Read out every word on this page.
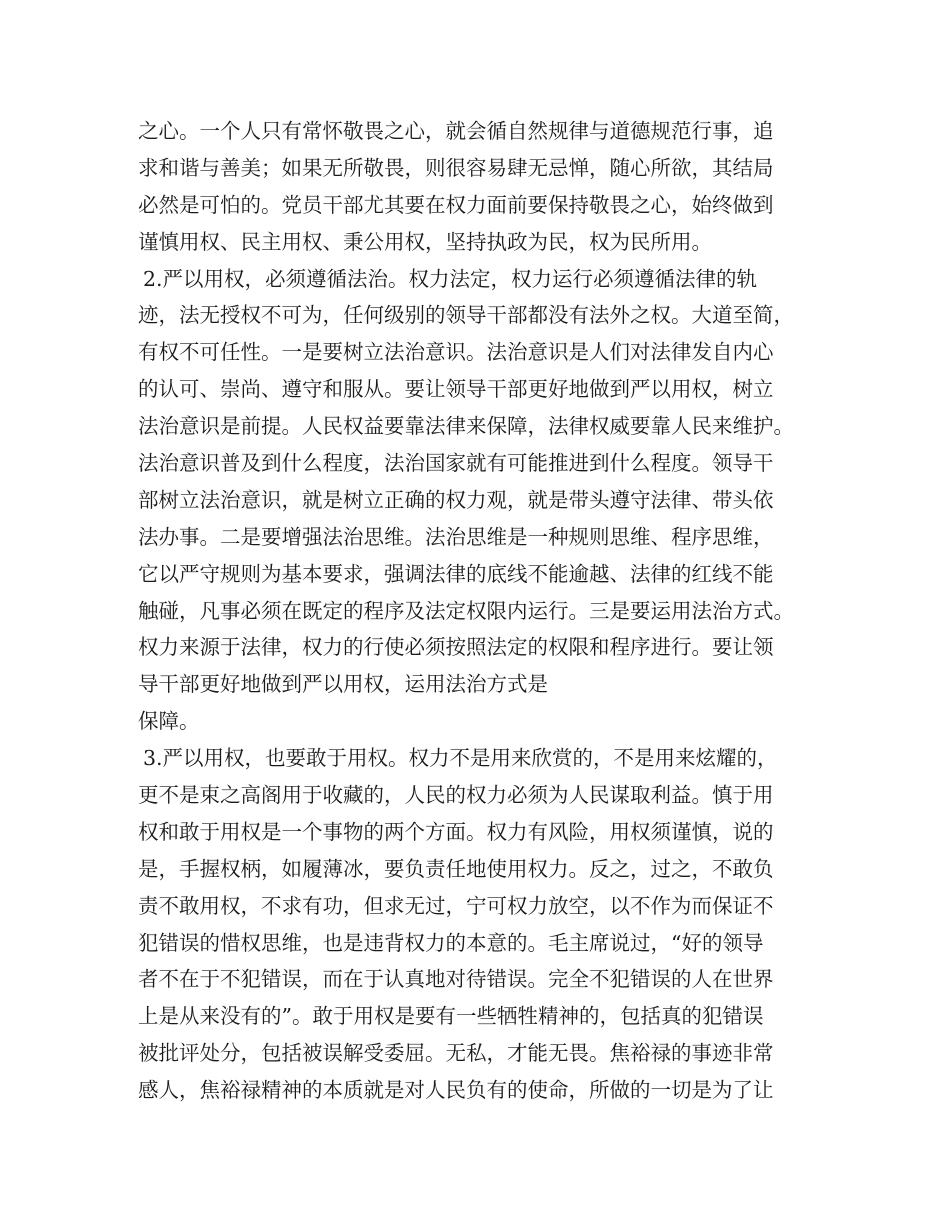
之心。一个人只有常怀敬畏之心，就会循自然规律与道德规范行事，追
求和谐与善美；如果无所敬畏，则很容易肆无忌惮，随心所欲，其结局
必然是可怕的。党员干部尤其要在权力面前要保持敬畏之心，始终做到
谨慎用权、民主用权、秉公用权，坚持执政为民，权为民所用。
2.严以用权，必须遵循法治。权力法定，权力运行必须遵循法律的轨
迹，法无授权不可为，任何级别的领导干部都没有法外之权。大道至简，
有权不可任性。一是要树立法治意识。法治意识是人们对法律发自内心
的认可、崇尚、遵守和服从。要让领导干部更好地做到严以用权，树立
法治意识是前提。人民权益要靠法律来保障，法律权威要靠人民来维护。
法治意识普及到什么程度，法治国家就有可能推进到什么程度。领导干
部树立法治意识，就是树立正确的权力观，就是带头遵守法律、带头依
法办事。二是要增强法治思维。法治思维是一种规则思维、程序思维，
它以严守规则为基本要求，强调法律的底线不能逾越、法律的红线不能
触碰，凡事必须在既定的程序及法定权限内运行。三是要运用法治方式。
权力来源于法律，权力的行使必须按照法定的权限和程序进行。要让领
导干部更好地做到严以用权，运用法治方式是
保障。
3.严以用权，也要敢于用权。权力不是用来欣赏的，不是用来炫耀的，
更不是束之高阁用于收藏的，人民的权力必须为人民谋取利益。慎于用
权和敢于用权是一个事物的两个方面。权力有风险，用权须谨慎，说的
是，手握权柄，如履薄冰，要负责任地使用权力。反之，过之，不敢负
责不敢用权，不求有功，但求无过，宁可权力放空，以不作为而保证不
犯错误的惜权思维，也是违背权力的本意的。毛主席说过，“好的领导
者不在于不犯错误，而在于认真地对待错误。完全不犯错误的人在世界
上是从来没有的”。敢于用权是要有一些牺牲精神的，包括真的犯错误
被批评处分，包括被误解受委屈。无私，才能无畏。焦裕禄的事迹非常
感人，焦裕禄精神的本质就是对人民负有的使命，所做的一切是为了让
